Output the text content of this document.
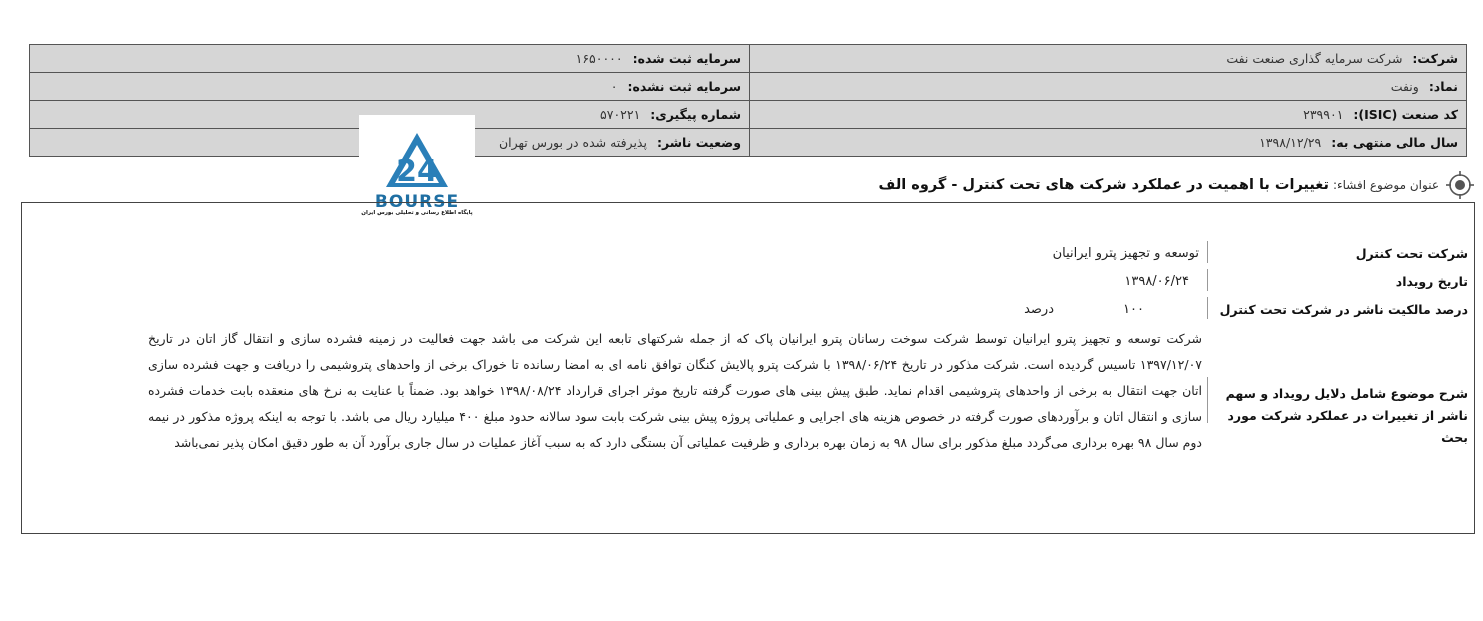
شرکت: شرکت سرمایه گذاری صنعت نفت	سرمایه ثبت شده: ۱۶۵۰۰۰۰
نماد: ونفت	سرمایه ثبت نشده: ۰
کد صنعت (ISIC): ۲۳۹۹۰۱	شماره پیگیری: ۵۷۰۲۲۱
سال مالی منتهی به: ۱۳۹۸/۱۲/۲۹	وضعیت ناشر: پذیرفته شده در بورس تهران
24
BOURSE
پایگاه اطلاع رسانی و تحلیلی بورس ایران
عنوان موضوع افشاء:
تغییرات با اهمیت در عملکرد شرکت های تحت کنترل - گروه الف
شرکت تحت کنترل
توسعه و تجهیز پترو ایرانیان
تاریخ رویداد
۱۳۹۸/۰۶/۲۴
درصد مالکیت ناشر در شرکت تحت کنترل
۱۰۰
درصد
شرح موضوع شامل دلایل رویداد و سهم ناشر از تغییرات در عملکرد شرکت مورد بحث
شرکت توسعه و تجهیز پترو ایرانیان توسط شرکت سوخت رسانان پترو ایرانیان پاک که از جمله شرکتهای تابعه این شرکت می باشد جهت فعالیت در زمینه فشرده سازی و انتقال گاز اتان در تاریخ ۱۳۹۷/۱۲/۰۷ تاسیس گردیده است. شرکت مذکور در تاریخ ۱۳۹۸/۰۶/۲۴ با شرکت پترو پالایش کنگان توافق نامه ای به امضا رسانده تا خوراک برخی از واحدهای پتروشیمی را دریافت و جهت فشرده سازی اتان جهت انتقال به برخی از واحدهای پتروشیمی اقدام نماید. طبق پیش بینی های صورت گرفته تاریخ موثر اجرای قرارداد ۱۳۹۸/۰۸/۲۴ خواهد بود. ضمناً با عنایت به نرخ های منعقده بابت خدمات فشرده سازی و انتقال اتان و برآوردهای صورت گرفته در خصوص هزینه های اجرایی و عملیاتی پروژه پیش بینی شرکت بابت سود سالانه حدود مبلغ ۴۰۰ میلیارد ریال می باشد. با توجه به اینکه پروژه مذکور در نیمه دوم سال ۹۸ بهره برداری می‌گردد مبلغ مذکور برای سال ۹۸ به زمان بهره برداری و ظرفیت عملیاتی آن بستگی دارد که به سبب آغاز عملیات در سال جاری برآورد آن به طور دقیق امکان پذیر نمی‌باشد
